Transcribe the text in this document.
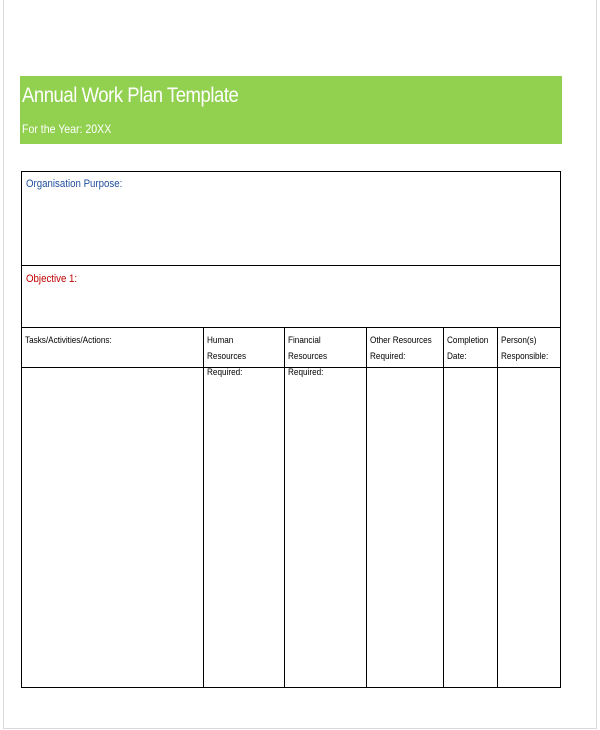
Annual Work Plan Template
For the Year: 20XX
Organisation Purpose:
Objective 1:
Tasks/Activities/Actions:	Human Resources
Required:
Financial Resources
Required:
Other Resources
Required:
Completion
Date:
Person(s)
Responsible:
